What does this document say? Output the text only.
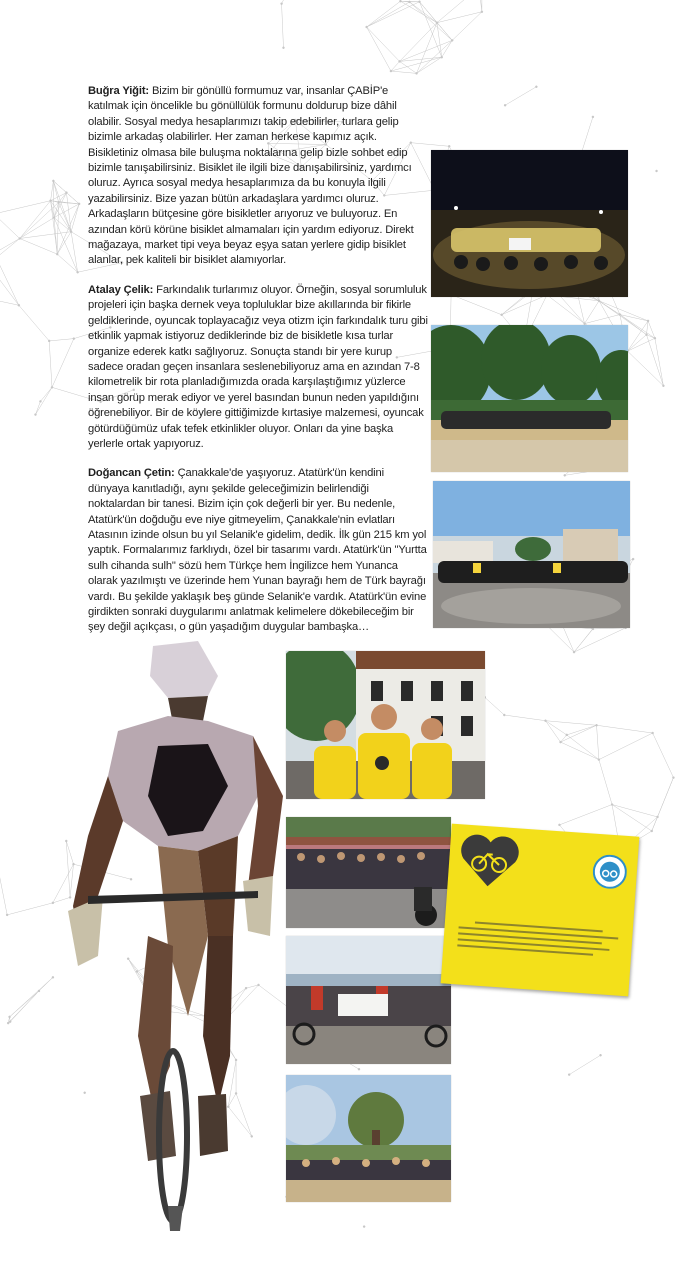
Buğra Yiğit: Bizim bir gönüllü formumuz var, insanlar ÇABİP'e katılmak için öncelikle bu gönüllülük formunu doldurup bize dâhil olabilir. Sosyal medya hesaplarımızı takip edebilirler, turlara gelip bizimle arkadaş olabilirler. Her zaman herkese kapımız açık. Bisikletiniz olmasa bile buluşma noktalarına gelip bizle sohbet edip bizimle tanışabilirsiniz. Bisiklet ile ilgili bize danışabilirsiniz, yardımcı oluruz. Ayrıca sosyal medya hesaplarımıza da bu konuyla ilgili yazabilirsiniz. Bize yazan bütün arkadaşlara yardımcı oluruz. Arkadaşların bütçesine göre bisikletler arıyoruz ve buluyoruz. En azından körü körüne bisiklet almamaları için yardım ediyoruz. Direkt mağazaya, market tipi veya beyaz eşya satan yerlere gidip bisiklet alanlar, pek kaliteli bir bisiklet alamıyorlar.

Atalay Çelik: Farkındalık turlarımız oluyor. Örneğin, sosyal sorumluluk projeleri için başka dernek veya topluluklar bize akıllarında bir fikirle geldiklerinde, oyuncak toplayacağız veya otizm için farkındalık turu gibi etkinlik yapmak istiyoruz dediklerinde biz de bisikletle kısa turlar organize ederek katkı sağlıyoruz. Sonuçta standı bir yere kurup sadece oradan geçen insanlara seslenebiliyoruz ama en azından 7-8 kilometrelik bir rota planladığımızda orada karşılaştığımız yüzlerce insan görüp merak ediyor ve yerel basından bunun neden yapıldığını öğrenebiliyor. Bir de köylere gittiğimizde kırtasiye malzemesi, oyuncak götürdüğümüz ufak tefek etkinlikler oluyor. Onları da yine başka yerlerle ortak yapıyoruz.

Doğancan Çetin: Çanakkale'de yaşıyoruz. Atatürk'ün kendini dünyaya kanıtladığı, aynı şekilde geleceğimizin belirlendiği noktalardan bir tanesi. Bizim için çok değerli bir yer. Bu nedenle, Atatürk'ün doğduğu eve niye gitmeyelim, Çanakkale'nin evlatları Atasının izinde olsun bu yıl Selanik'e gidelim, dedik. İlk gün 215 km yol yaptık. Formalarımız farklıydı, özel bir tasarımı vardı. Atatürk'ün "Yurtta sulh cihanda sulh" sözü hem Türkçe hem İngilizce hem Yunanca olarak yazılmıştı ve üzerinde hem Yunan bayrağı hem de Türk bayrağı vardı. Bu şekilde yaklaşık beş günde Selanik'e vardık. Atatürk'ün evine girdikten sonraki duygularımı anlatmak kelimelere dökebileceğim bir şey değil açıkçası, o gün yaşadığım duygular bambaşka…
